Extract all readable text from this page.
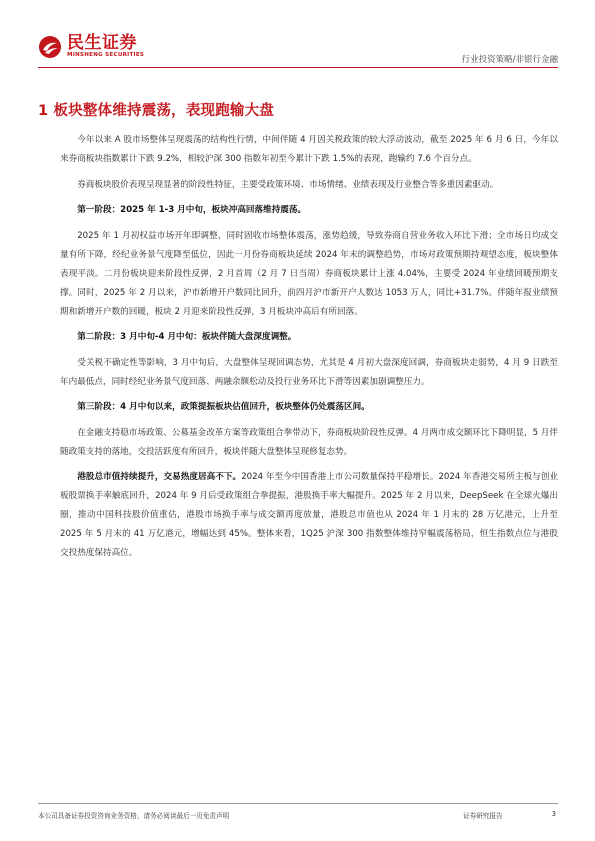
民生证券
MINSHENG SECURITIES	行业投资策略/非银行金融
1 板块整体维持震荡，表现跑输大盘

今年以来 A 股市场整体呈现震荡的结构性行情，中间伴随 4 月因关税政策的较大浮动波动，截至 2025 年 6 月 6 日，今年以来券商板块指数累计下跌 9.2%，相较沪深 300 指数年初至今累计下跌 1.5%的表现，跑输约 7.6 个百分点。

券商板块股价表现呈现显著的阶段性特征，主要受政策环境、市场情绪、业绩表现及行业整合等多重因素驱动。

第一阶段：2025 年 1-3 月中旬，板块冲高回落维持震荡。

2025 年 1 月初权益市场开年即调整，同时固收市场整体震荡，涨势趋缓，导致券商自营业务收入环比下滑；全市场日均成交量有所下降，经纪业务景气度降至低位，因此一月份券商板块延续 2024 年末的调整趋势，市场对政策预期持观望态度，板块整体表现平淡。二月份板块迎来阶段性反弹，2 月首周（2 月 7 日当周）券商板块累计上涨 4.04%，主要受 2024 年业绩回暖预期支撑。同时，2025 年 2 月以来，沪市新增开户数同比回升，前四月沪市新开户人数达 1053 万人，同比+31.7%。伴随年报业绩预期和新增开户数的回暖，板块 2 月迎来阶段性反弹，3 月板块冲高后有所回落。

第二阶段：3 月中旬-4 月中旬：板块伴随大盘深度调整。

受关税不确定性等影响，3 月中旬后，大盘整体呈现回调态势，尤其是 4 月初大盘深度回调，券商板块走弱势，4 月 9 日跌至年内最低点，同时经纪业务景气度回落、两融余额松动及投行业务环比下滑等因素加剧调整压力。

第三阶段：4 月中旬以来，政策提振板块估值回升，板块整体仍处震荡区间。

在金融支持稳市场政策、公募基金改革方案等政策组合拳带动下，券商板块阶段性反弹。4 月两市成交额环比下降明显，5 月伴随政策支持的落地，交投活跃度有所回升，板块伴随大盘整体呈现修复态势。

港股总市值持续提升，交易热度居高不下。2024 年至今中国香港上市公司数量保持平稳增长。2024 年香港交易所主板与创业板股票换手率触底回升，2024 年 9 月后受政策组合拳提振，港股换手率大幅提升。2025 年 2 月以来，DeepSeek 在全球火爆出圈，推动中国科技股价值重估，港股市场换手率与成交额再度放量，港股总市值也从 2024 年 1 月末的 28 万亿港元，上升至 2025 年 5 月末的 41 万亿港元，增幅达到 45%。整体来看，1Q25 沪深 300 指数整体维持窄幅震荡格局，恒生指数点位与港股交投热度保持高位。

本公司具备证券投资咨询业务资格，请务必阅读最后一页免责声明	证券研究报告	3
